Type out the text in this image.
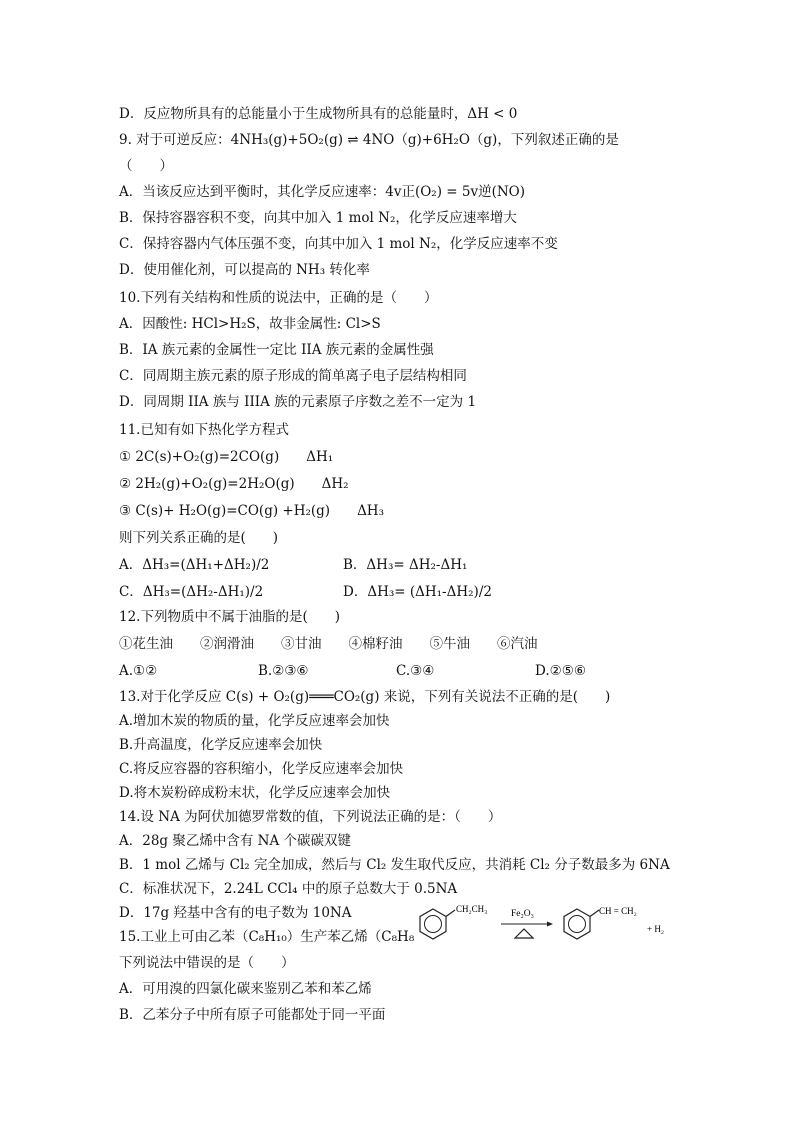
D．反应物所具有的总能量小于生成物所具有的总能量时，ΔH < 0
9. 对于可逆反应：4NH₃(g)+5O₂(g) ⇌ 4NO（g)+6H₂O（g)，下列叙述正确的是
（　　）
A．当该反应达到平衡时，其化学反应速率：4v正(O₂) = 5v逆(NO)
B．保持容器容积不变，向其中加入 1 mol N₂，化学反应速率增大
C．保持容器内气体压强不变，向其中加入 1 mol N₂，化学反应速率不变
D．使用催化剂，可以提高的 NH₃ 转化率
10.下列有关结构和性质的说法中，正确的是（　　）
A．因酸性: HCl>H₂S，故非金属性: Cl>S
B．IA 族元素的金属性一定比 IIA 族元素的金属性强
C．同周期主族元素的原子形成的简单离子电子层结构相同
D．同周期 IIA 族与 IIIA 族的元素原子序数之差不一定为 1
11.已知有如下热化学方程式
① 2C(s)+O₂(g)=2CO(g)　　ΔH₁
② 2H₂(g)+O₂(g)=2H₂O(g)　　ΔH₂
③ C(s)+ H₂O(g)=CO(g) +H₂(g)　　ΔH₃
则下列关系正确的是(　　)
12.下列物质中不属于油脂的是(　　)
①花生油　　②润滑油　　③甘油　　④棉籽油　　⑤牛油　　⑥汽油
13.对于化学反应 C(s) + O₂(g)═══CO₂(g) 来说，下列有关说法不正确的是(　　)
A.增加木炭的物质的量，化学反应速率会加快
B.升高温度，化学反应速率会加快
C.将反应容器的容积缩小，化学反应速率会加快
D.将木炭粉碎成粉末状，化学反应速率会加快
14.设 NA 为阿伏加德罗常数的值，下列说法正确的是：（　　）
A．28g 聚乙烯中含有 NA 个碳碳双键
B．1 mol 乙烯与 Cl₂ 完全加成，然后与 Cl₂ 发生取代反应，共消耗 Cl₂ 分子数最多为 6NA
C．标准状况下，2.24L CCl₄ 中的原子总数大于 0.5NA
D．17g 羟基中含有的电子数为 10NA
15.工业上可由乙苯（C₈H₁₀）生产苯乙烯（C₈H₈
下列说法中错误的是（　　）
A．可用溴的四氯化碳来鉴别乙苯和苯乙烯
B．乙苯分子中所有原子可能都处于同一平面
A．ΔH₃=(ΔH₁+ΔH₂)/2	B．ΔH₃= ΔH₂-ΔH₁
C．ΔH₃=(ΔH₂-ΔH₁)/2	D．ΔH₃= (ΔH₁-ΔH₂)/2
A.①②	B.②③⑥	C.③④	D.②⑤⑥
CH₂CH₃ Fe₂O₃	CH = CH₂
+ H₂
